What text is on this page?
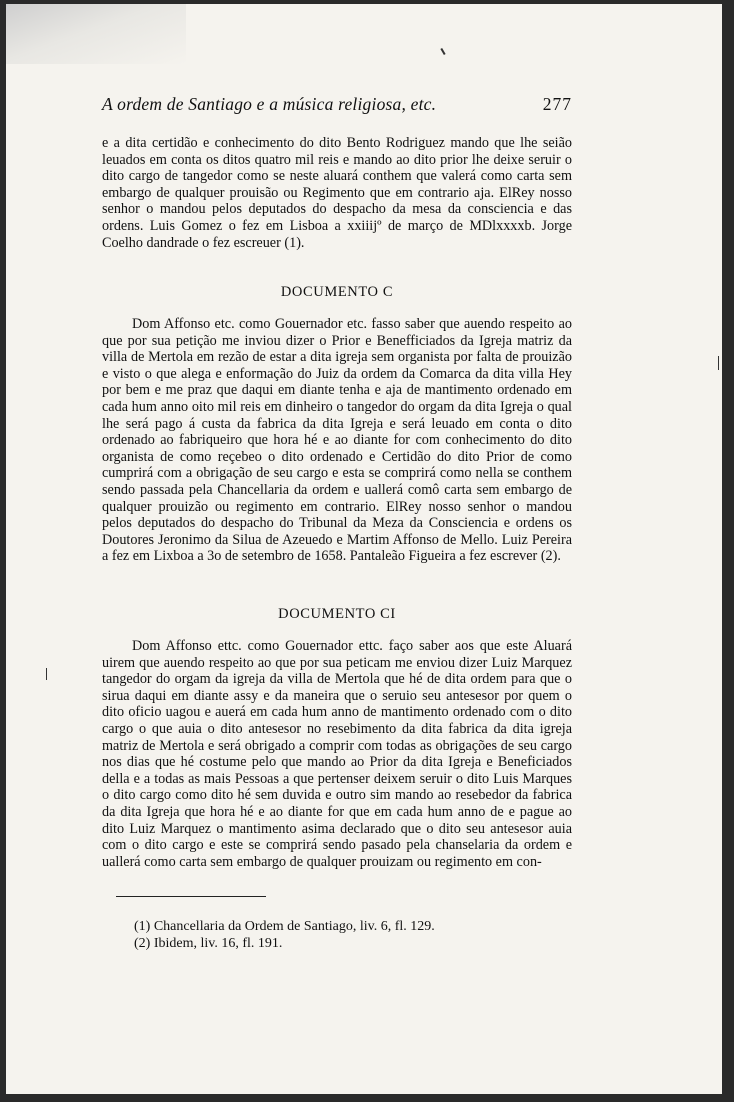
A ordem de Santiago e a música religiosa, etc.	277

e a dita certidão e conhecimento do dito Bento Rodriguez mando que lhe seião leuados em conta os ditos quatro mil reis e mando ao dito prior lhe deixe seruir o dito cargo de tangedor como se neste aluará conthem que valerá como carta sem embargo de qualquer prouisão ou Regimento que em contrario aja. ElRey nosso senhor o mandou pelos deputados do despacho da mesa da consciencia e das ordens. Luis Gomez o fez em Lisboa a xxiiijº de março de MDlxxxxb. Jorge Coelho dandrade o fez escreuer (1).

DOCUMENTO C

Dom Affonso etc. como Gouernador etc. fasso saber que auendo respeito ao que por sua petição me inviou dizer o Prior e Benefficiados da Igreja matriz da villa de Mertola em rezão de estar a dita igreja sem organista por falta de prouizão e visto o que alega e enformação do Juiz da ordem da Comarca da dita villa Hey por bem e me praz que daqui em diante tenha e aja de mantimento ordenado em cada hum anno oito mil reis em dinheiro o tangedor do orgam da dita Igreja o qual lhe será pago á custa da fabrica da dita Igreja e será leuado em conta o dito ordenado ao fabriqueiro que hora hé e ao diante for com conhecimento do dito organista de como reçebeo o dito ordenado e Certidão do dito Prior de como cumprirá com a obrigação de seu cargo e esta se comprirá como nella se conthem sendo passada pela Chancellaria da ordem e uallerá comô carta sem embargo de qualquer prouizão ou regimento em contrario. ElRey nosso senhor o mandou pelos deputados do despacho do Tribunal da Meza da Consciencia e ordens os Doutores Jeronimo da Silua de Azeuedo e Martim Affonso de Mello. Luiz Pereira a fez em Lixboa a 3o de setembro de 1658. Pantaleão Figueira a fez escrever (2).

DOCUMENTO CI

Dom Affonso ettc. como Gouernador ettc. faço saber aos que este Aluará uirem que auendo respeito ao que por sua peticam me enviou dizer Luiz Marquez tangedor do orgam da igreja da villa de Mertola que hé de dita ordem para que o sirua daqui em diante assy e da maneira que o seruio seu antesesor por quem o dito oficio uagou e auerá em cada hum anno de mantimento ordenado com o dito cargo o que auia o dito antesesor no resebimento da dita fabrica da dita igreja matriz de Mertola e será obrigado a comprir com todas as obrigações de seu cargo nos dias que hé costume pelo que mando ao Prior da dita Igreja e Beneficiados della e a todas as mais Pessoas a que pertenser deixem seruir o dito Luis Marques o dito cargo como dito hé sem duvida e outro sim mando ao resebedor da fabrica da dita Igreja que hora hé e ao diante for que em cada hum anno de e pague ao dito Luiz Marquez o mantimento asima declarado que o dito seu antesesor auia com o dito cargo e este se comprirá sendo pasado pela chanselaria da ordem e uallerá como carta sem embargo de qualquer prouizam ou regimento em con-

(1) Chancellaria da Ordem de Santiago, liv. 6, fl. 129.
(2) Ibidem, liv. 16, fl. 191.
